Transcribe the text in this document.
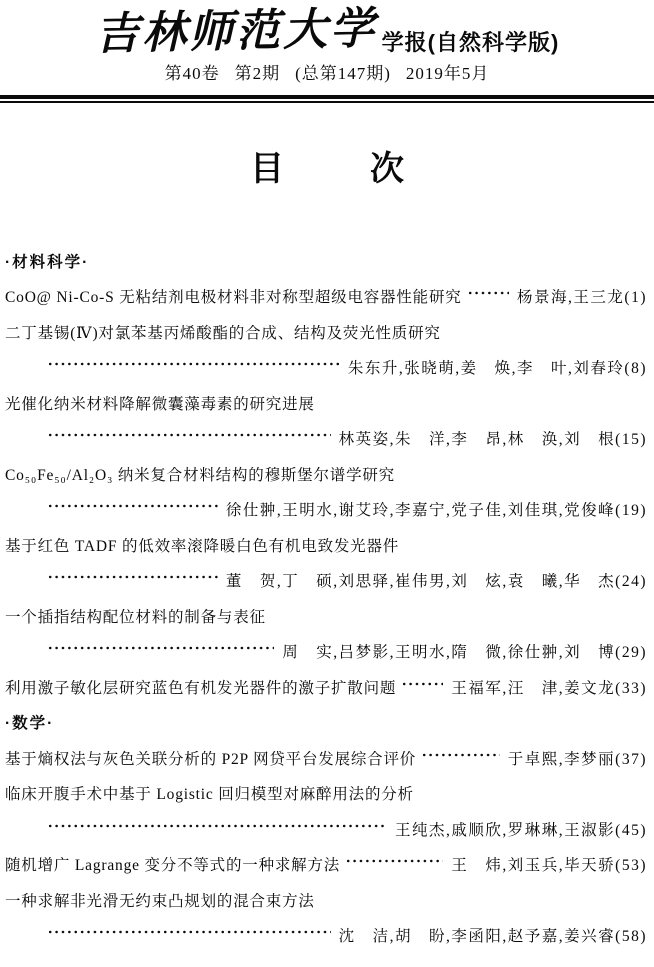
吉林师范大学 学报(自然科学版)
第40卷 第2期 (总第147期) 2019年5月
目	次
·材料科学·
CoO@ Ni-Co-S 无粘结剂电极材料非对称型超级电容器性能研究	杨景海,王三龙(1)
二丁基锡(Ⅳ)对氯苯基丙烯酸酯的合成、结构及荧光性质研究
朱东升,张晓萌,姜　焕,李　叶,刘春玲(8)
光催化纳米材料降解微囊藻毒素的研究进展
林英姿,朱　洋,李　昂,林　涣,刘　根(15)
Co₅₀Fe₅₀/Al₂O₃ 纳米复合材料结构的穆斯堡尔谱学研究
徐仕翀,王明水,谢艾玲,李嘉宁,党子佳,刘佳琪,党俊峰(19)
基于红色 TADF 的低效率滚降暖白色有机电致发光器件
董　贺,丁　硕,刘思驿,崔伟男,刘　炫,袁　曦,华　杰(24)
一个插指结构配位材料的制备与表征
周　实,吕梦影,王明水,隋　微,徐仕翀,刘　博(29)
利用激子敏化层研究蓝色有机发光器件的激子扩散问题	王福军,汪　津,姜文龙(33)
·数学·
基于熵权法与灰色关联分析的 P2P 网贷平台发展综合评价	于卓熙,李梦丽(37)
临床开腹手术中基于 Logistic 回归模型对麻醉用法的分析
王纯杰,戚顺欣,罗琳琳,王淑影(45)
随机增广 Lagrange 变分不等式的一种求解方法	王　炜,刘玉兵,毕天骄(53)
一种求解非光滑无约束凸规划的混合束方法
沈　洁,胡　盼,李函阳,赵予嘉,姜兴睿(58)
